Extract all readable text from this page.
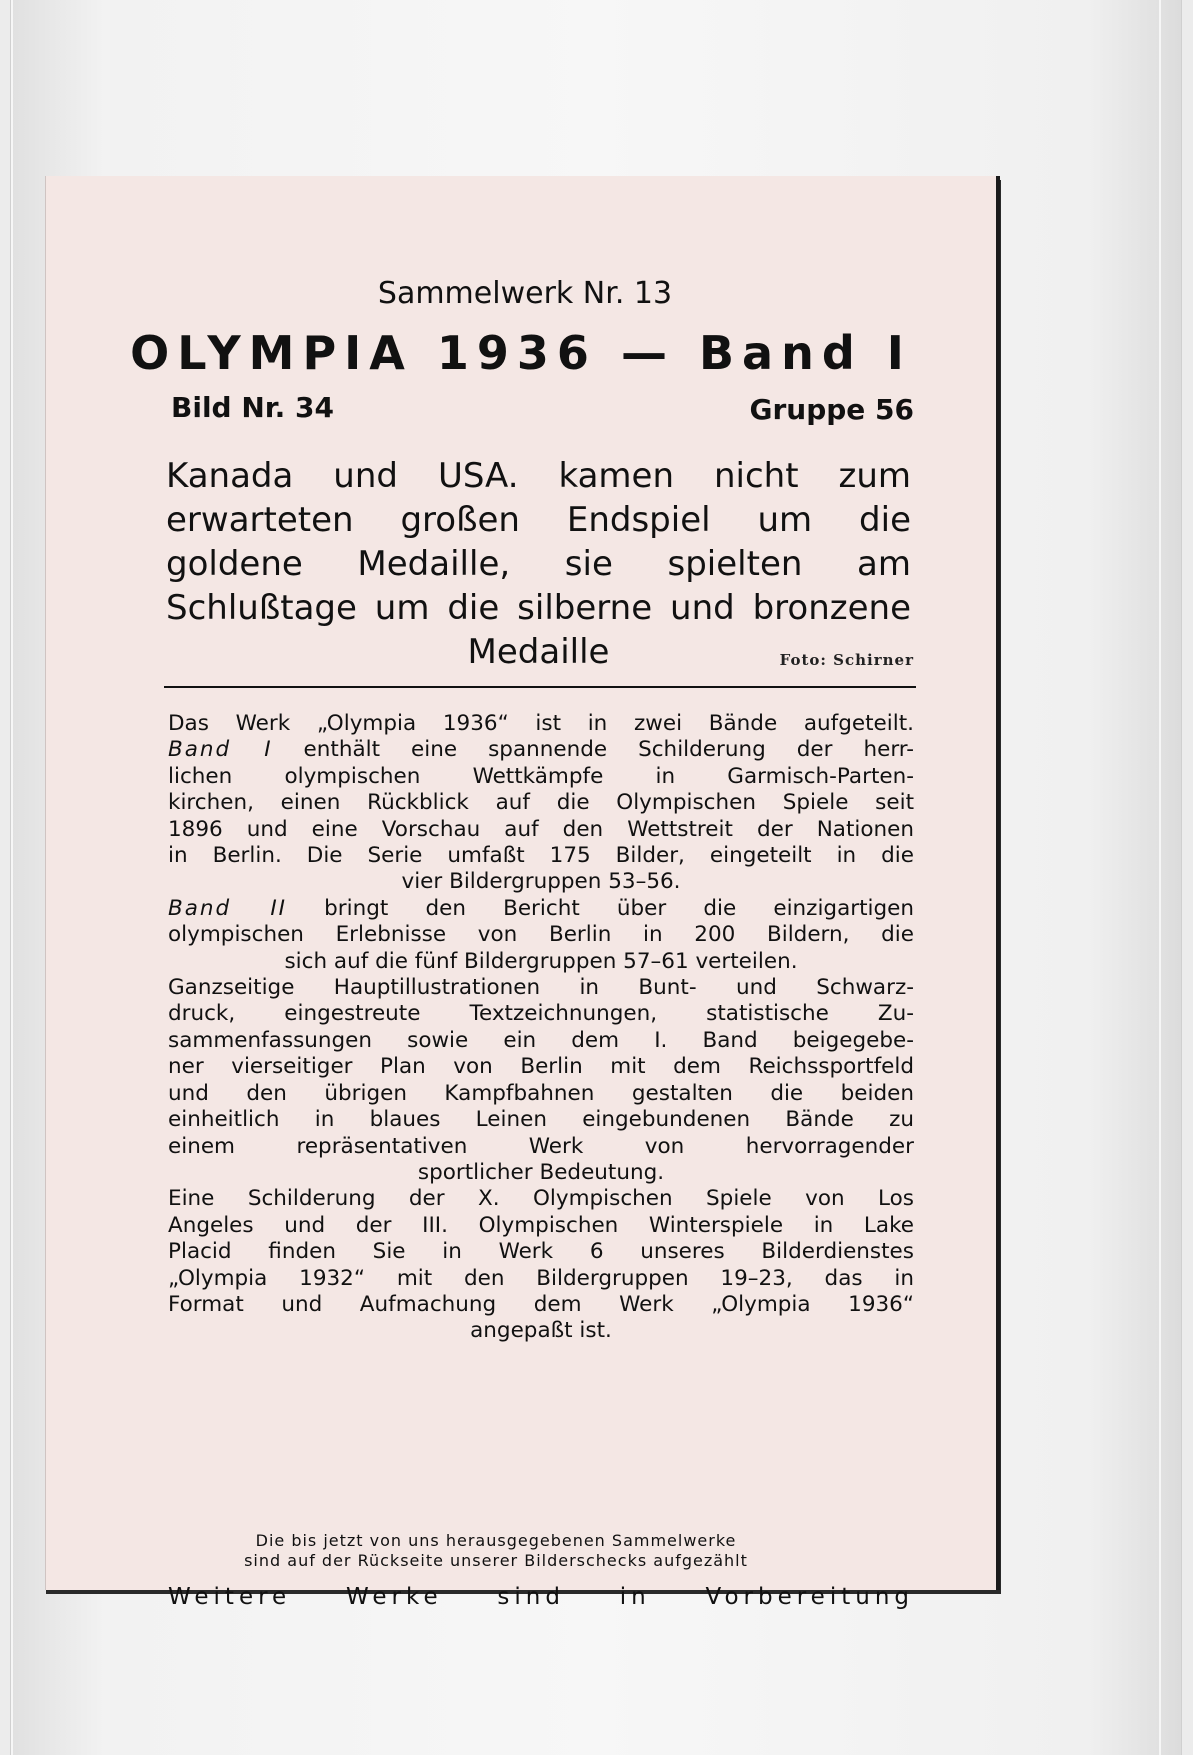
Sammelwerk Nr. 13
OLYMPIA 1936 — Band I
Bild Nr. 34	Gruppe 56
Kanada und USA. kamen nicht zum erwarteten großen Endspiel um die goldene Medaille, sie spielten am Schlußtage um die silberne und bronzene Medaille	Foto: Schirner
Das Werk „Olympia 1936“ ist in zwei Bände aufgeteilt.
Band I enthält eine spannende Schilderung der herr-
lichen olympischen Wettkämpfe in Garmisch-Parten-
kirchen, einen Rückblick auf die Olympischen Spiele seit
1896 und eine Vorschau auf den Wettstreit der Nationen
in Berlin. Die Serie umfaßt 175 Bilder, eingeteilt in die
vier Bildergruppen 53–56.
Band II bringt den Bericht über die einzigartigen
olympischen Erlebnisse von Berlin in 200 Bildern, die
sich auf die fünf Bildergruppen 57–61 verteilen.
Ganzseitige Hauptillustrationen in Bunt- und Schwarz-
druck, eingestreute Textzeichnungen, statistische Zu-
sammenfassungen sowie ein dem I. Band beigegebe-
ner vierseitiger Plan von Berlin mit dem Reichssportfeld
und den übrigen Kampfbahnen gestalten die beiden
einheitlich in blaues Leinen eingebundenen Bände zu
einem repräsentativen Werk von hervorragender
sportlicher Bedeutung.
Eine Schilderung der X. Olympischen Spiele von Los
Angeles und der III. Olympischen Winterspiele in Lake
Placid finden Sie in Werk 6 unseres Bilderdienstes
„Olympia 1932“ mit den Bildergruppen 19–23, das in
Format und Aufmachung dem Werk „Olympia 1936“
angepaßt ist.
Die bis jetzt von uns herausgegebenen Sammelwerke
sind auf der Rückseite unserer Bilderschecks aufgezählt
Weitere Werke sind in Vorbereitung
